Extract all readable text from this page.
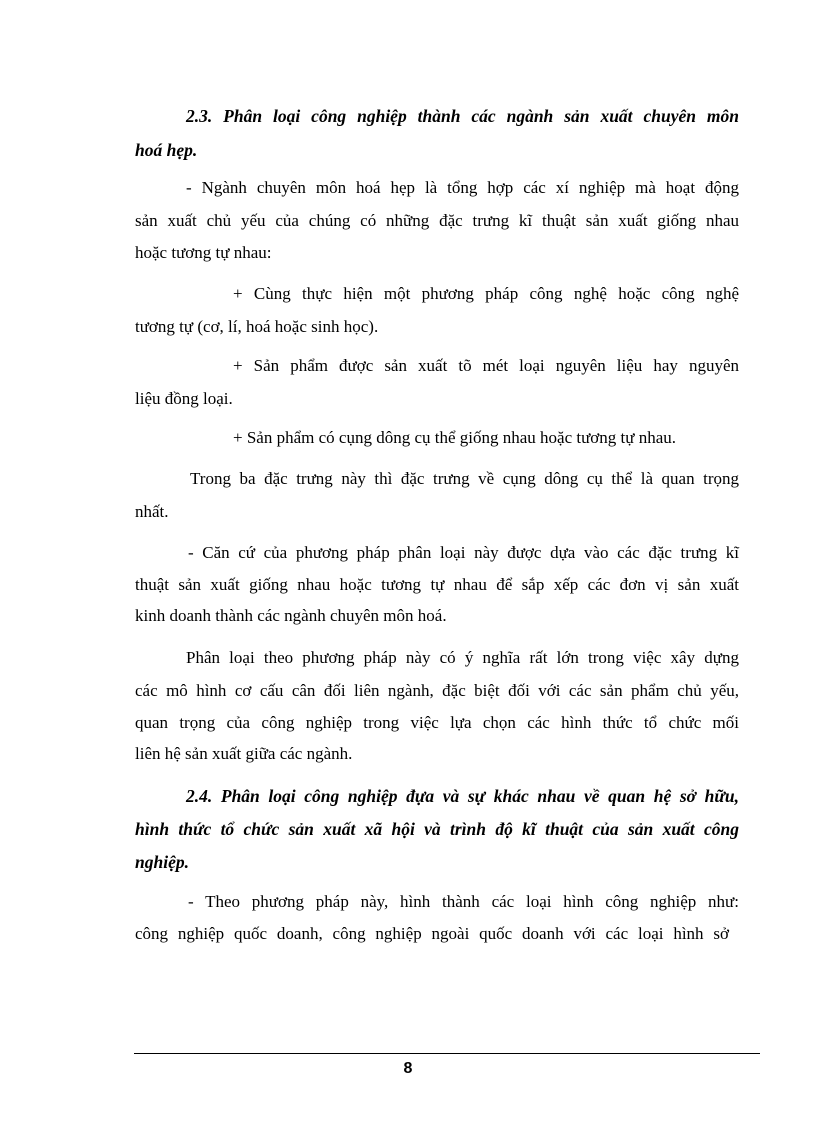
2.3. Phân loại công nghiệp thành các ngành sản xuất chuyên môn
hoá hẹp.
- Ngành chuyên môn hoá hẹp là tổng hợp các xí nghiệp mà hoạt động
sản xuất chủ yếu của chúng có những đặc trưng kĩ thuật sản xuất giống nhau
hoặc tương tự nhau:
+ Cùng thực hiện một phương pháp công nghệ hoặc công nghệ
tương tự (cơ, lí, hoá hoặc sinh học).
+ Sản phẩm được sản xuất tõ mét loại nguyên liệu hay nguyên
liệu đồng loại.
+ Sản phẩm có cụng dông cụ thể giống nhau hoặc tương tự nhau.
Trong ba đặc trưng này thì đặc trưng về cụng dông cụ thể là quan trọng
nhất.
- Căn cứ của phương pháp phân loại này được dựa vào các đặc trưng kĩ
thuật sản xuất giống nhau hoặc tương tự nhau để sắp xếp các đơn vị sản xuất
kinh doanh thành các ngành chuyên môn hoá.
Phân loại theo phương pháp này có ý nghĩa rất lớn trong việc xây dựng
các mô hình cơ cấu cân đối liên ngành, đặc biệt đối với các sản phẩm chủ yếu,
quan trọng của công nghiệp trong việc lựa chọn các hình thức tổ chức mối
liên hệ sản xuất giữa các ngành.
2.4. Phân loại công nghiệp đựa và sự khác nhau về quan hệ sở hữu,
hình thức tổ chức sản xuất xã hội và trình độ kĩ thuật của sản xuất công
nghiệp.
- Theo phương pháp này, hình thành các loại hình công nghiệp như:
công nghiệp quốc doanh, công nghiệp ngoài quốc doanh với các loại hình sở
8
